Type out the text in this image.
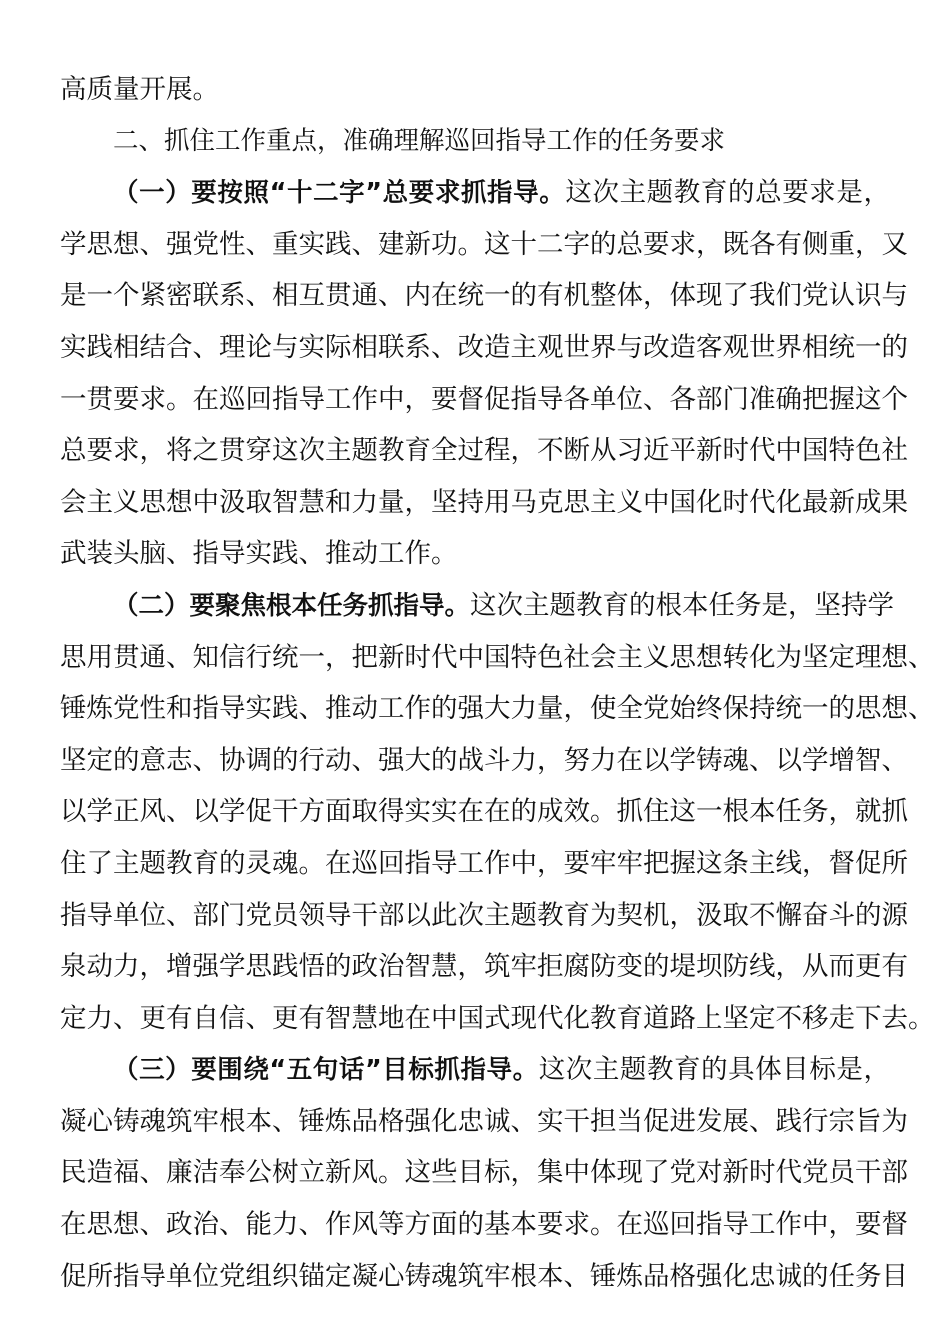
高质量开展。
二、抓住工作重点，准确理解巡回指导工作的任务要求
（一）要按照“十二字”总要求抓指导。这次主题教育的总要求是，
学思想、强党性、重实践、建新功。这十二字的总要求，既各有侧重，又
是一个紧密联系、相互贯通、内在统一的有机整体，体现了我们党认识与
实践相结合、理论与实际相联系、改造主观世界与改造客观世界相统一的
一贯要求。在巡回指导工作中，要督促指导各单位、各部门准确把握这个
总要求，将之贯穿这次主题教育全过程，不断从习近平新时代中国特色社
会主义思想中汲取智慧和力量，坚持用马克思主义中国化时代化最新成果
武装头脑、指导实践、推动工作。
（二）要聚焦根本任务抓指导。这次主题教育的根本任务是，坚持学
思用贯通、知信行统一，把新时代中国特色社会主义思想转化为坚定理想、
锤炼党性和指导实践、推动工作的强大力量，使全党始终保持统一的思想、
坚定的意志、协调的行动、强大的战斗力，努力在以学铸魂、以学增智、
以学正风、以学促干方面取得实实在在的成效。抓住这一根本任务，就抓
住了主题教育的灵魂。在巡回指导工作中，要牢牢把握这条主线，督促所
指导单位、部门党员领导干部以此次主题教育为契机，汲取不懈奋斗的源
泉动力，增强学思践悟的政治智慧，筑牢拒腐防变的堤坝防线，从而更有
定力、更有自信、更有智慧地在中国式现代化教育道路上坚定不移走下去。
（三）要围绕“五句话”目标抓指导。这次主题教育的具体目标是，
凝心铸魂筑牢根本、锤炼品格强化忠诚、实干担当促进发展、践行宗旨为
民造福、廉洁奉公树立新风。这些目标，集中体现了党对新时代党员干部
在思想、政治、能力、作风等方面的基本要求。在巡回指导工作中，要督
促所指导单位党组织锚定凝心铸魂筑牢根本、锤炼品格强化忠诚的任务目
